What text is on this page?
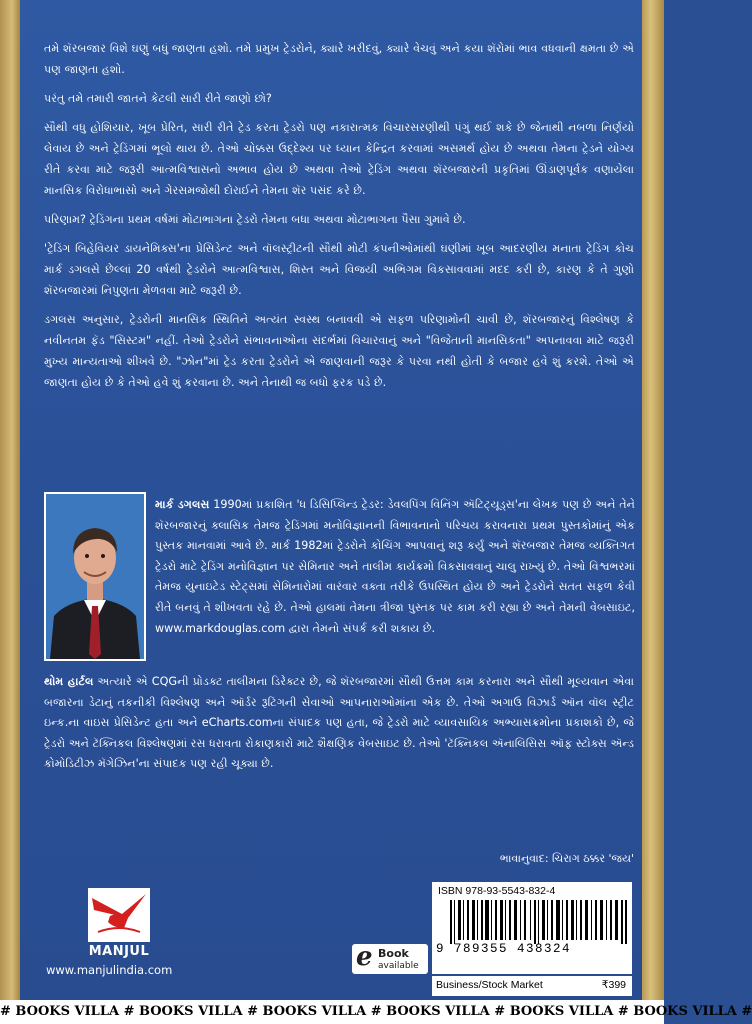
તમે શૅરબજાર વિશે ઘણું બધું જાણતા હશો. તમે પ્રમુખ ટ્રેડરોને, ક્યારે ખરીદવું, ક્યારે વેચવું અને કયા શૅરોમાં ભાવ વધવાની ક્ષમતા છે એ પણ જાણતા હશો.

પરંતુ તમે તમારી જાતને કેટલી સારી રીતે જાણો છો?

સૌથી વધુ હોશિયાર, ખૂબ પ્રેરિત, સારી રીતે ટ્રેડ કરતા ટ્રેડરો પણ નકારાત્મક વિચારસરણીથી પંગું થઈ શકે છે જેનાથી નબળા નિર્ણયો લેવાય છે અને ટ્રેડિંગમાં ભૂલો થાય છે. તેઓ ચોક્કસ ઉદ્દેશ્ય પર ધ્યાન કેન્દ્રિત કરવામાં અસમર્થ હોય છે અથવા તેમના ટ્રેડને યોગ્ય રીતે કરવા માટે જરૂરી આત્મવિશ્વાસનો અભાવ હોય છે અથવા તેઓ ટ્રેડિંગ અથવા શૅરબજારની પ્રકૃતિમાં ઊંડાણપૂર્વક વણાયેલા માનસિક વિરોધાભાસો અને ગેરસમજોથી દોરાઈને તેમના શૅર પસંદ કરે છે.

પરિણામ? ટ્રેડિંગના પ્રથમ વર્ષમાં મોટાભાગના ટ્રેડરો તેમના બધા અથવા મોટાભાગના પૈસા ગુમાવે છે.

'ટ્રેડિંગ બિહેવિયર ડાયનેમિક્સ'ના પ્રેસિડેન્ટ અને વૉલસ્ટ્રીટની સૌથી મોટી કંપનીઓમાંથી ઘણીમાં ખૂબ આદરણીય મનાતા ટ્રેડિંગ કોચ માર્ક ડગલસે છેલ્લાં 20 વર્ષથી ટ્રેડરોને આત્મવિશ્વાસ, શિસ્ત અને વિજયી અભિગમ વિકસાવવામાં મદદ કરી છે, કારણ કે તે ગુણો શૅરબજારમાં નિપુણતા મેળવવા માટે જરૂરી છે.

ડગલસ અનુસાર, ટ્રેડરોની માનસિક સ્થિતિને અત્યંત સ્વસ્થ બનાવવી એ સફળ પરિણામોની ચાવી છે, શૅરબજારનું વિશ્લેષણ કે નવીનતમ ફૅડ "સિસ્ટમ" નહીં. તેઓ ટ્રેડરોને સંભાવનાઓના સંદર્ભમાં વિચારવાનું અને "વિજેતાની માનસિકતા" અપનાવવા માટે જરૂરી મુખ્ય માન્યતાઓ શીખવે છે. "ઝોન"માં ટ્રેડ કરતા ટ્રેડરોને એ જાણવાની જરૂર કે પરવા નથી હોતી કે બજાર હવે શું કરશે. તેઓ એ જાણતા હોય છે કે તેઓ હવે શું કરવાના છે. અને તેનાથી જ બધો ફરક પડે છે.

માર્ક ડગલસ 1990માં પ્રકાશિત 'ધ ડિસિપ્લિન્ડ ટ્રેડર: ડેવલપિંગ વિનિંગ ઍટિટ્યૂડ્સ'ના લેખક પણ છે અને તેને શૅરબજારનું ક્લાસિક તેમજ ટ્રેડિંગમાં મનોવિજ્ઞાનની વિભાવનાનો પરિચય કરાવનારા પ્રથમ પુસ્તકોમાંનું એક પુસ્તક માનવામાં આવે છે. માર્ક 1982માં ટ્રેડરોને કોચિંગ આપવાનું શરૂ કર્યું અને શૅરબજાર તેમજ વ્યક્તિગત ટ્રેડરો માટે ટ્રેડિંગ મનોવિજ્ઞાન પર સેમિનાર અને તાલીમ કાર્યક્રમો વિકસાવવાનું ચાલુ રાખ્યું છે. તેઓ વિશ્વભરમાં તેમજ યુનાઇટેડ સ્ટેટ્સમાં સેમિનારોમાં વારંવાર વક્તા તરીકે ઉપસ્થિત હોય છે અને ટ્રેડરોને સતત સફળ કેવી રીતે બનવું તે શીખવતા રહે છે. તેઓ હાલમાં તેમના ત્રીજા પુસ્તક પર કામ કરી રહ્યા છે અને તેમની વેબસાઇટ, www.markdouglas.com દ્વારા તેમનો સંપર્ક કરી શકાય છે.
થોમ હાર્ટલ અત્યારે એ CQGની પ્રોડક્ટ તાલીમના ડિરેક્ટર છે, જે શૅરબજારમાં સૌથી ઉત્તમ કામ કરનારા અને સૌથી મૂલ્યવાન એવા બજારના ડેટાનું તકનીકી વિશ્લેષણ અને ઑર્ડર રૂટિંગની સેવાઓ આપનારાઓમાંના એક છે. તેઓ અગાઉ વિઝાર્ડ ઑન વૉલ સ્ટ્રીટ ઇન્ક.ના વાઇસ પ્રેસિડેન્ટ હતા અને eCharts.comના સંપાદક પણ હતા, જે ટ્રેડરો માટે વ્યાવસાયિક અભ્યાસક્રમોના પ્રકાશકો છે, જે ટ્રેડરો અને ટૅક્નિકલ વિશ્લેષણમાં રસ ધરાવતા રોકાણકારો માટે શૈક્ષણિક વેબસાઇટ છે. તેઓ 'ટૅક્નિકલ ઍનાલિસિસ ઑફ સ્ટોક્સ ઍન્ડ કોમોડિટીઝ મૅગેઝિન'ના સંપાદક પણ રહી ચૂક્યા છે.
ભાવાનુવાદ: ચિરાગ ઠક્કર 'જય'
MANJUL
www.manjulindia.com	e Book
available
ISBN 978-93-5543-832-4
9 789355 438324
Business/Stock Market	₹399
# BOOKS VILLA # BOOKS VILLA # BOOKS VILLA # BOOKS VILLA # BOOKS VILLA # BOOKS VILLA #
